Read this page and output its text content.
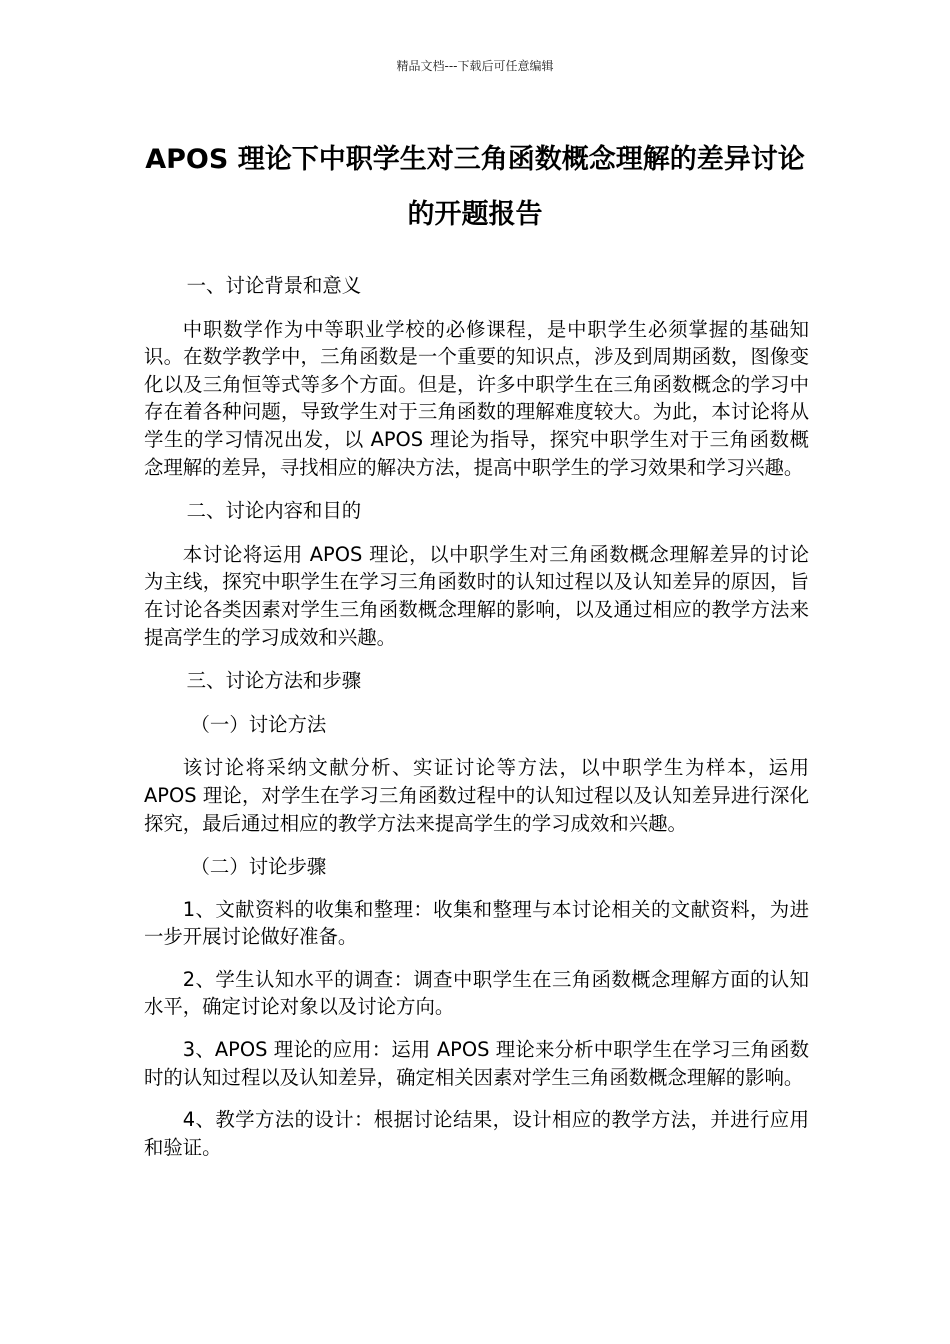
精品文档---下载后可任意编辑
APOS 理论下中职学生对三角函数概念理解的差异讨论的开题报告

一、讨论背景和意义

中职数学作为中等职业学校的必修课程，是中职学生必须掌握的基础知识。在数学教学中，三角函数是一个重要的知识点，涉及到周期函数，图像变化以及三角恒等式等多个方面。但是，许多中职学生在三角函数概念的学习中存在着各种问题，导致学生对于三角函数的理解难度较大。为此，本讨论将从学生的学习情况出发，以 APOS 理论为指导，探究中职学生对于三角函数概念理解的差异，寻找相应的解决方法，提高中职学生的学习效果和学习兴趣。

二、讨论内容和目的

本讨论将运用 APOS 理论，以中职学生对三角函数概念理解差异的讨论为主线，探究中职学生在学习三角函数时的认知过程以及认知差异的原因，旨在讨论各类因素对学生三角函数概念理解的影响，以及通过相应的教学方法来提高学生的学习成效和兴趣。

三、讨论方法和步骤

（一）讨论方法

该讨论将采纳文献分析、实证讨论等方法，以中职学生为样本，运用 APOS 理论，对学生在学习三角函数过程中的认知过程以及认知差异进行深化探究，最后通过相应的教学方法来提高学生的学习成效和兴趣。

（二）讨论步骤

1、文献资料的收集和整理：收集和整理与本讨论相关的文献资料，为进一步开展讨论做好准备。

2、学生认知水平的调查：调查中职学生在三角函数概念理解方面的认知水平，确定讨论对象以及讨论方向。

3、APOS 理论的应用：运用 APOS 理论来分析中职学生在学习三角函数时的认知过程以及认知差异，确定相关因素对学生三角函数概念理解的影响。

4、教学方法的设计：根据讨论结果，设计相应的教学方法，并进行应用和验证。
